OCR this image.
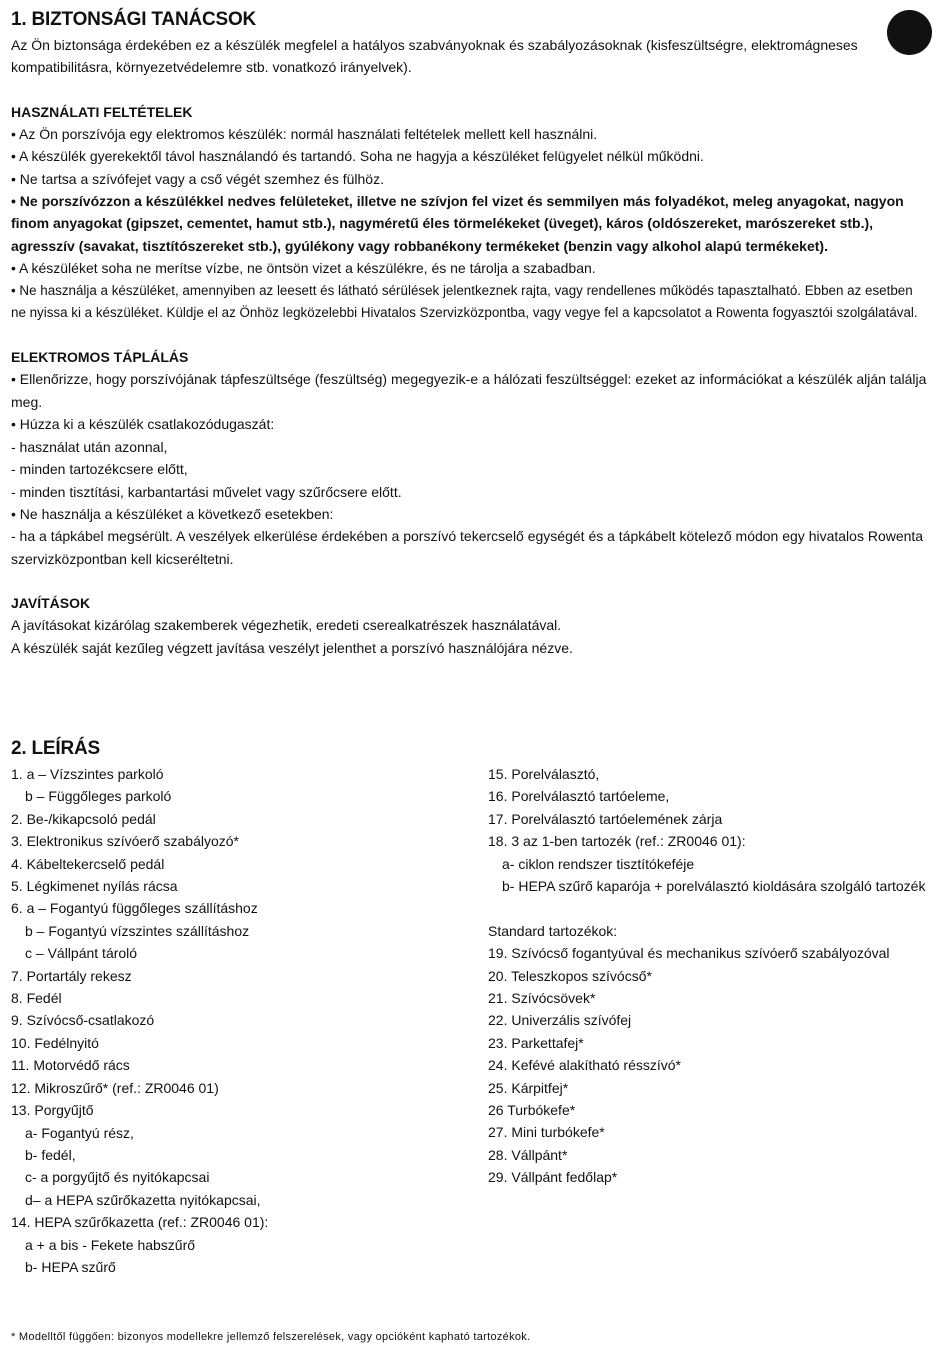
1. BIZTONSÁGI TANÁCSOK

Az Ön biztonsága érdekében ez a készülék megfelel a hatályos szabványoknak és szabályozásoknak (kisfeszültségre, elektromágneses kompatibilitásra, környezetvédelemre stb. vonatkozó irányelvek).

HASZNÁLATI FELTÉTELEK

• Az Ön porszívója egy elektromos készülék: normál használati feltételek mellett kell használni.

• A készülék gyerekektől távol használandó és tartandó. Soha ne hagyja a készüléket felügyelet nélkül működni.

• Ne tartsa a szívófejet vagy a cső végét szemhez és fülhöz.

• Ne porszívózzon a készülékkel nedves felületeket, illetve ne szívjon fel vizet és semmilyen más folyadékot, meleg anyagokat, nagyon finom anyagokat (gipszet, cementet, hamut stb.), nagyméretű éles törmelékeket (üveget), káros (oldószereket, marószereket stb.), agresszív (savakat, tisztítószereket stb.), gyúlékony vagy robbanékony termékeket (benzin vagy alkohol alapú termékeket).

• A készüléket soha ne merítse vízbe, ne öntsön vizet a készülékre, és ne tárolja a szabadban.

• Ne használja a készüléket, amennyiben az leesett és látható sérülések jelentkeznek rajta, vagy rendellenes működés tapasztalható. Ebben az esetben ne nyissa ki a készüléket. Küldje el az Önhöz legközelebbi Hivatalos Szervizközpontba, vagy vegye fel a kapcsolatot a Rowenta fogyasztói szolgálatával.

ELEKTROMOS TÁPLÁLÁS

• Ellenőrizze, hogy porszívójának tápfeszültsége (feszültség) megegyezik-e a hálózati feszültséggel: ezeket az információkat a készülék alján találja meg.

• Húzza ki a készülék csatlakozódugaszát:

- használat után azonnal,

- minden tartozékcsere előtt,

- minden tisztítási, karbantartási művelet vagy szűrőcsere előtt.

• Ne használja a készüléket a következő esetekben:

- ha a tápkábel megsérült. A veszélyek elkerülése érdekében a porszívó tekercselő egységét és a tápkábelt kötelező módon egy hivatalos Rowenta szervizközpontban kell kicseréltetni.

JAVÍTÁSOK

A javításokat kizárólag szakemberek végezhetik, eredeti cserealkatrészek használatával.

A készülék saját kezűleg végzett javítása veszélyt jelenthet a porszívó használójára nézve.

2. LEÍRÁS

1. a – Vízszintes parkoló

b – Függőleges parkoló

2. Be-/kikapcsoló pedál

3. Elektronikus szívóerő szabályozó*

4. Kábeltekercselő pedál

5. Légkimenet nyílás rácsa

6. a – Fogantyú függőleges szállításhoz

b – Fogantyú vízszintes szállításhoz

c – Vállpánt tároló

7. Portartály rekesz

8. Fedél

9. Szívócső-csatlakozó

10. Fedélnyitó

11. Motorvédő rács

12. Mikroszűrő* (ref.: ZR0046 01)

13. Porgyűjtő

a- Fogantyú rész,

b- fedél,

c- a porgyűjtő és nyitókapcsai

d– a HEPA szűrőkazetta nyitókapcsai,

14. HEPA szűrőkazetta (ref.: ZR0046 01):

a + a bis - Fekete habszűrő

b- HEPA szűrő

15. Porelválasztó,

16. Porelválasztó tartóeleme,

17. Porelválasztó tartóelemének zárja

18. 3 az 1-ben tartozék (ref.: ZR0046 01):

a- ciklon rendszer tisztítókeféje

b- HEPA szűrő kaparója + porelválasztó kioldására szolgáló tartozék

Standard tartozékok:

19. Szívócső fogantyúval és mechanikus szívóerő szabályozóval

20. Teleszkopos szívócső*

21. Szívócsövek*

22. Univerzális szívófej

23. Parkettafej*

24. Kefévé alakítható résszívó*

25. Kárpitfej*

26 Turbókefe*

27. Mini turbókefe*

28. Vállpánt*

29. Vállpánt fedőlap*

* Modelltől függően: bizonyos modellekre jellemző felszerelések, vagy opcióként kapható tartozékok.
